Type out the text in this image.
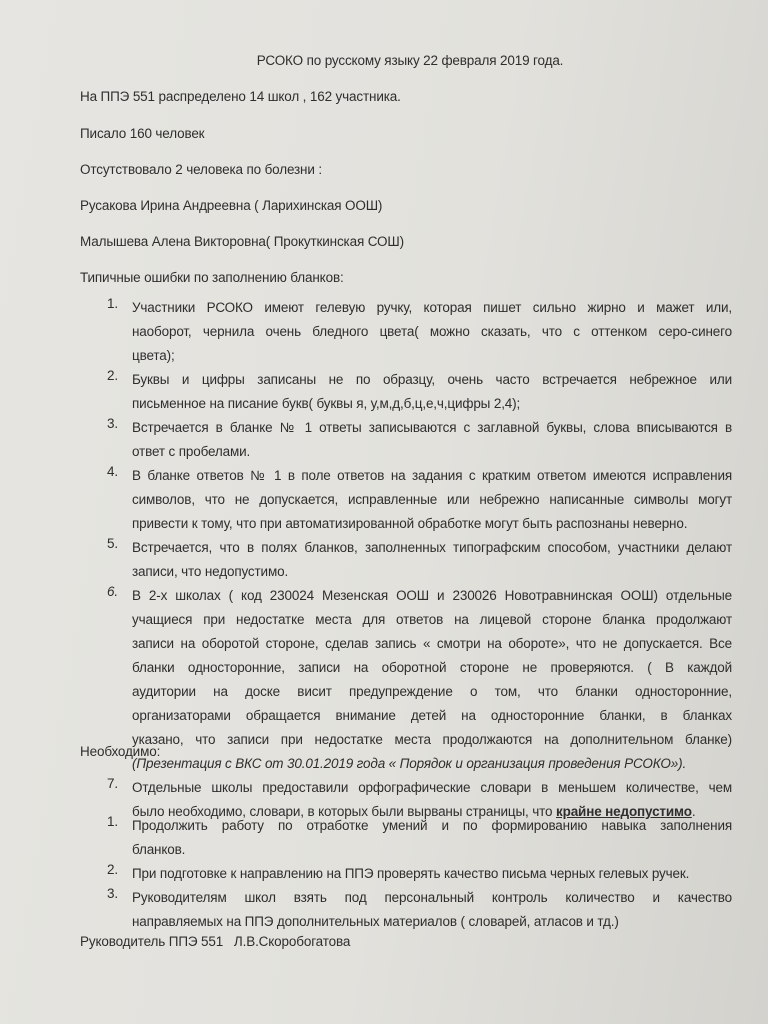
РСОКО по русскому языку 22 февраля 2019 года.
На ППЭ 551 распределено 14 школ , 162 участника.
Писало 160 человек
Отсутствовало 2 человека по болезни :
Русакова Ирина Андреевна ( Ларихинская ООШ)
Малышева Алена Викторовна( Прокуткинская СОШ)
Типичные ошибки по заполнению бланков:
1. Участники РСОКО имеют гелевую ручку, которая пишет сильно жирно и мажет или,
наоборот, чернила очень бледного цвета( можно сказать, что с оттенком серо-синего
цвета);
2. Буквы и цифры записаны не по образцу, очень часто встречается небрежное или
письменное на писание букв( буквы я, у,м,д,б,ц,е,ч,цифры 2,4);
3. Встречается в бланке № 1 ответы записываются с заглавной буквы, слова вписываются в
ответ с пробелами.
4. В бланке ответов № 1 в поле ответов на задания с кратким ответом имеются исправления
символов, что не допускается, исправленные или небрежно написанные символы могут
привести к тому, что при автоматизированной обработке могут быть распознаны неверно.
5. Встречается, что в полях бланков, заполненных типографским способом, участники делают
записи, что недопустимо.
6. В 2-х школах ( код 230024 Мезенская ООШ и 230026 Новотравнинская ООШ) отдельные
учащиеся при недостатке места для ответов на лицевой стороне бланка продолжают
записи на оборотой стороне, сделав запись « смотри на обороте», что не допускается. Все
бланки односторонние, записи на оборотной стороне не проверяются. ( В каждой
аудитории на доске висит предупреждение о том, что бланки односторонние,
организаторами обращается внимание детей на односторонние бланки, в бланках
указано, что записи при недостатке места продолжаются на дополнительном бланке)
(Презентация с ВКС от 30.01.2019 года « Порядок и организация проведения РСОКО»).
7. Отдельные школы предоставили орфографические словари в меньшем количестве, чем
было необходимо, словари, в которых были вырваны страницы, что крайне недопустимо.
Необходимо:
1. Продолжить работу по отработке умений и по формированию навыка заполнения
бланков.
2. При подготовке к направлению на ППЭ проверять качество письма черных гелевых ручек.
3. Руководителям школ взять под персональный контроль количество и качество
направляемых на ППЭ дополнительных материалов ( словарей, атласов и тд.)
Руководитель ППЭ 551   Л.В.Скоробогатова
